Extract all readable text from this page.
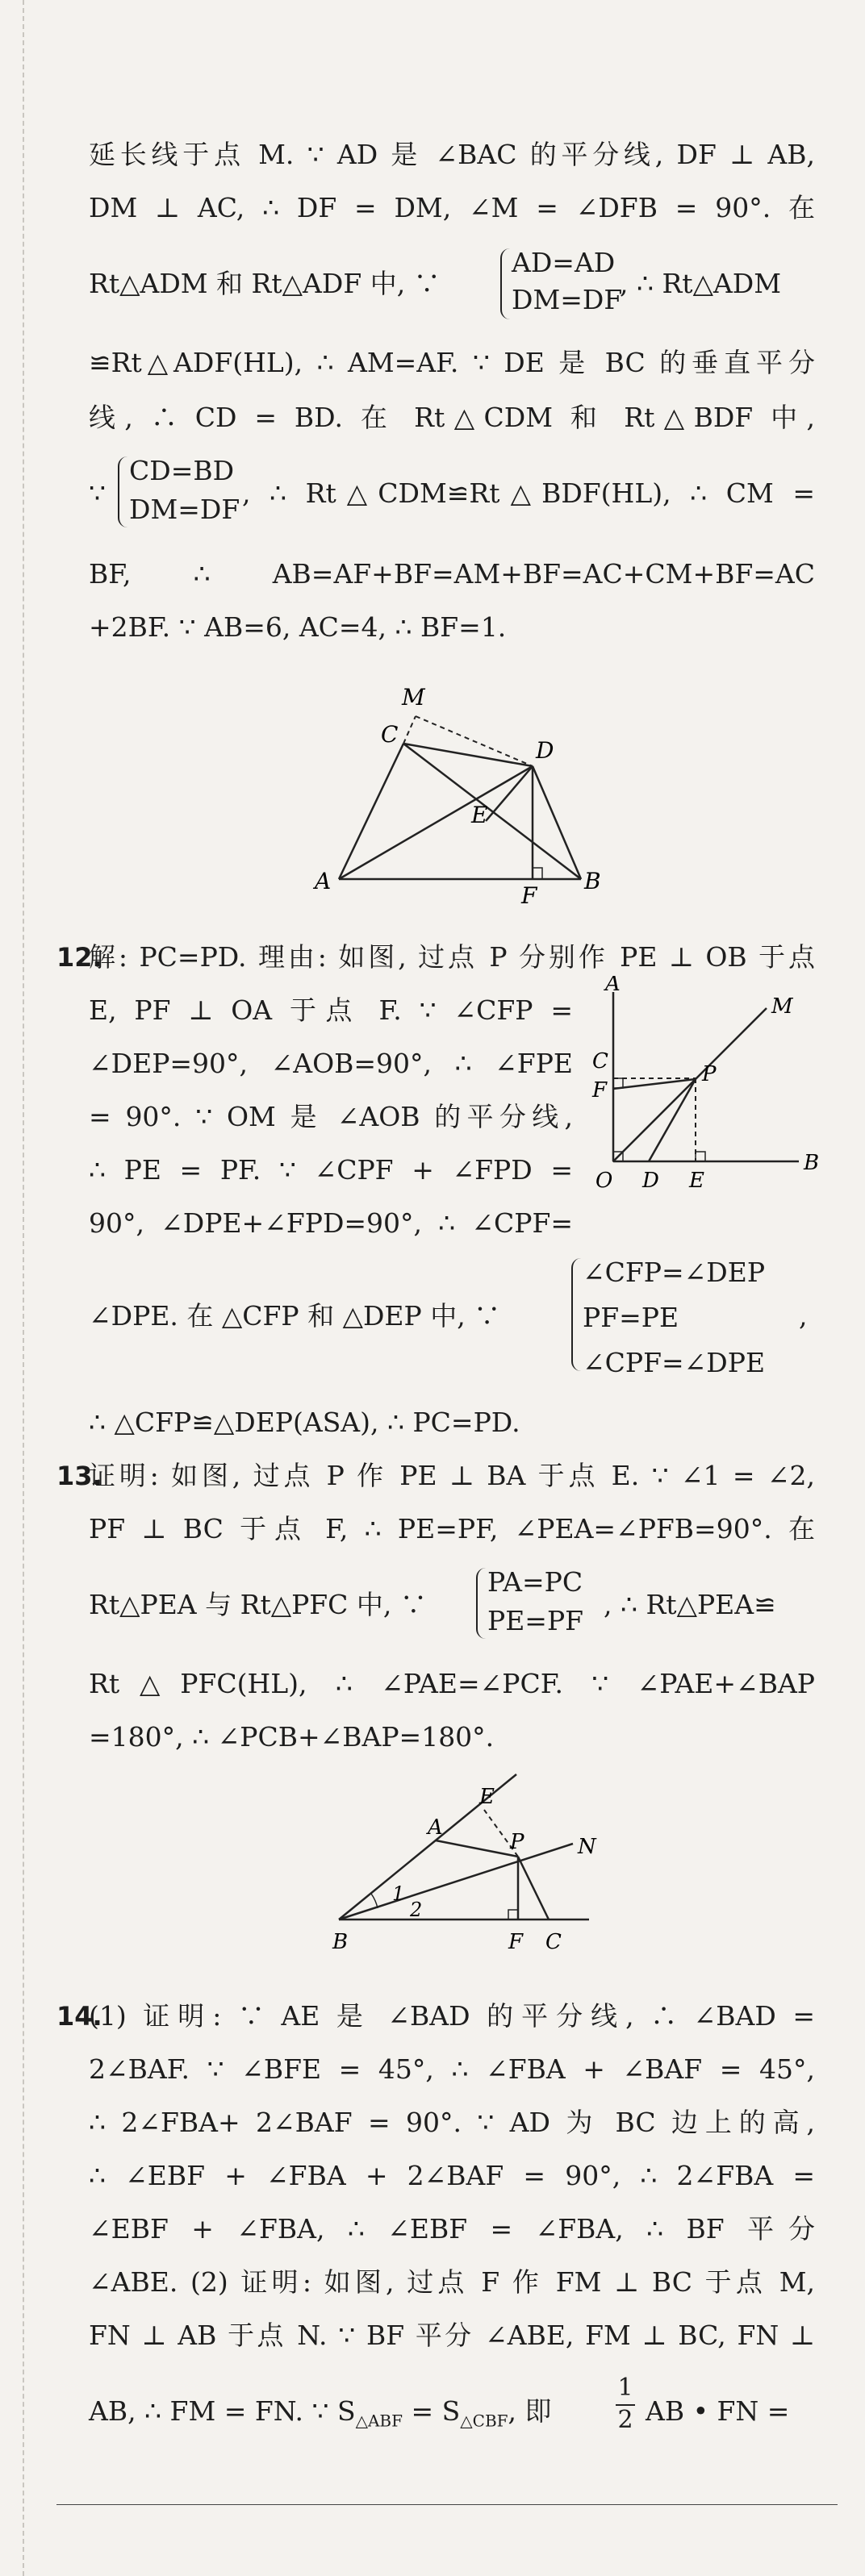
延长线于点 M. ∵ AD 是 ∠BAC 的平分线, DF ⊥ AB,
DM ⊥ AC, ∴ DF = DM, ∠M = ∠DFB = 90°. 在
Rt△ADM 和 Rt△ADF 中, ∵
AD=AD
DM=DF
, ∴ Rt△ADM
≌Rt△ADF(HL), ∴ AM=AF. ∵ DE 是 BC 的垂直平分
线, ∴ CD = BD. 在 Rt△CDM 和 Rt△BDF 中,
∵
CD=BD
DM=DF
, ∴ Rt△CDM≌Rt△BDF(HL), ∴ CM =
BF, ∴ AB=AF+BF=AM+BF=AC+CM+BF=AC
+2BF. ∵ AB=6, AC=4, ∴ BF=1.
M
C
D
E
A
F
B
12.
解: PC=PD. 理由: 如图, 过点 P 分别作 PE ⊥ OB 于点
E, PF ⊥ OA 于点 F. ∵ ∠CFP =
∠DEP=90°, ∠AOB=90°, ∴ ∠FPE
= 90°. ∵ OM 是 ∠AOB 的平分线,
∴ PE = PF. ∵ ∠CPF + ∠FPD =
90°, ∠DPE+∠FPD=90°, ∴ ∠CPF=
A
M
C
F
P
O D E
B
∠DPE. 在 △CFP 和 △DEP 中, ∵
∠CFP=∠DEP
PF=PE
∠CPF=∠DPE
,
∴ △CFP≌△DEP(ASA), ∴ PC=PD.
13.
证明: 如图, 过点 P 作 PE ⊥ BA 于点 E. ∵ ∠1 = ∠2,
PF ⊥ BC 于点 F, ∴ PE=PF, ∠PEA=∠PFB=90°. 在
Rt△PEA 与 Rt△PFC 中, ∵
PA=PC
PE=PF
, ∴ Rt△PEA≌
Rt△PFC(HL), ∴ ∠PAE=∠PCF. ∵ ∠PAE+∠BAP
=180°, ∴ ∠PCB+∠BAP=180°.
E
A
P	N
1
2
B	F C
14.
(1) 证明: ∵ AE 是 ∠BAD 的平分线, ∴ ∠BAD =
2∠BAF. ∵ ∠BFE = 45°, ∴ ∠FBA + ∠BAF = 45°,
∴ 2∠FBA+ 2∠BAF = 90°. ∵ AD 为 BC 边上的高,
∴ ∠EBF + ∠FBA + 2∠BAF = 90°, ∴ 2∠FBA =
∠EBF + ∠FBA, ∴ ∠EBF = ∠FBA, ∴ BF 平分
∠ABE. (2) 证明: 如图, 过点 F 作 FM ⊥ BC 于点 M,
FN ⊥ AB 于点 N. ∵ BF 平分 ∠ABE, FM ⊥ BC, FN ⊥
AB, ∴ FM = FN. ∵ $S_{\triangle ABF} = S_{\triangle CBF}$, 即
1
2 AB • FN =
